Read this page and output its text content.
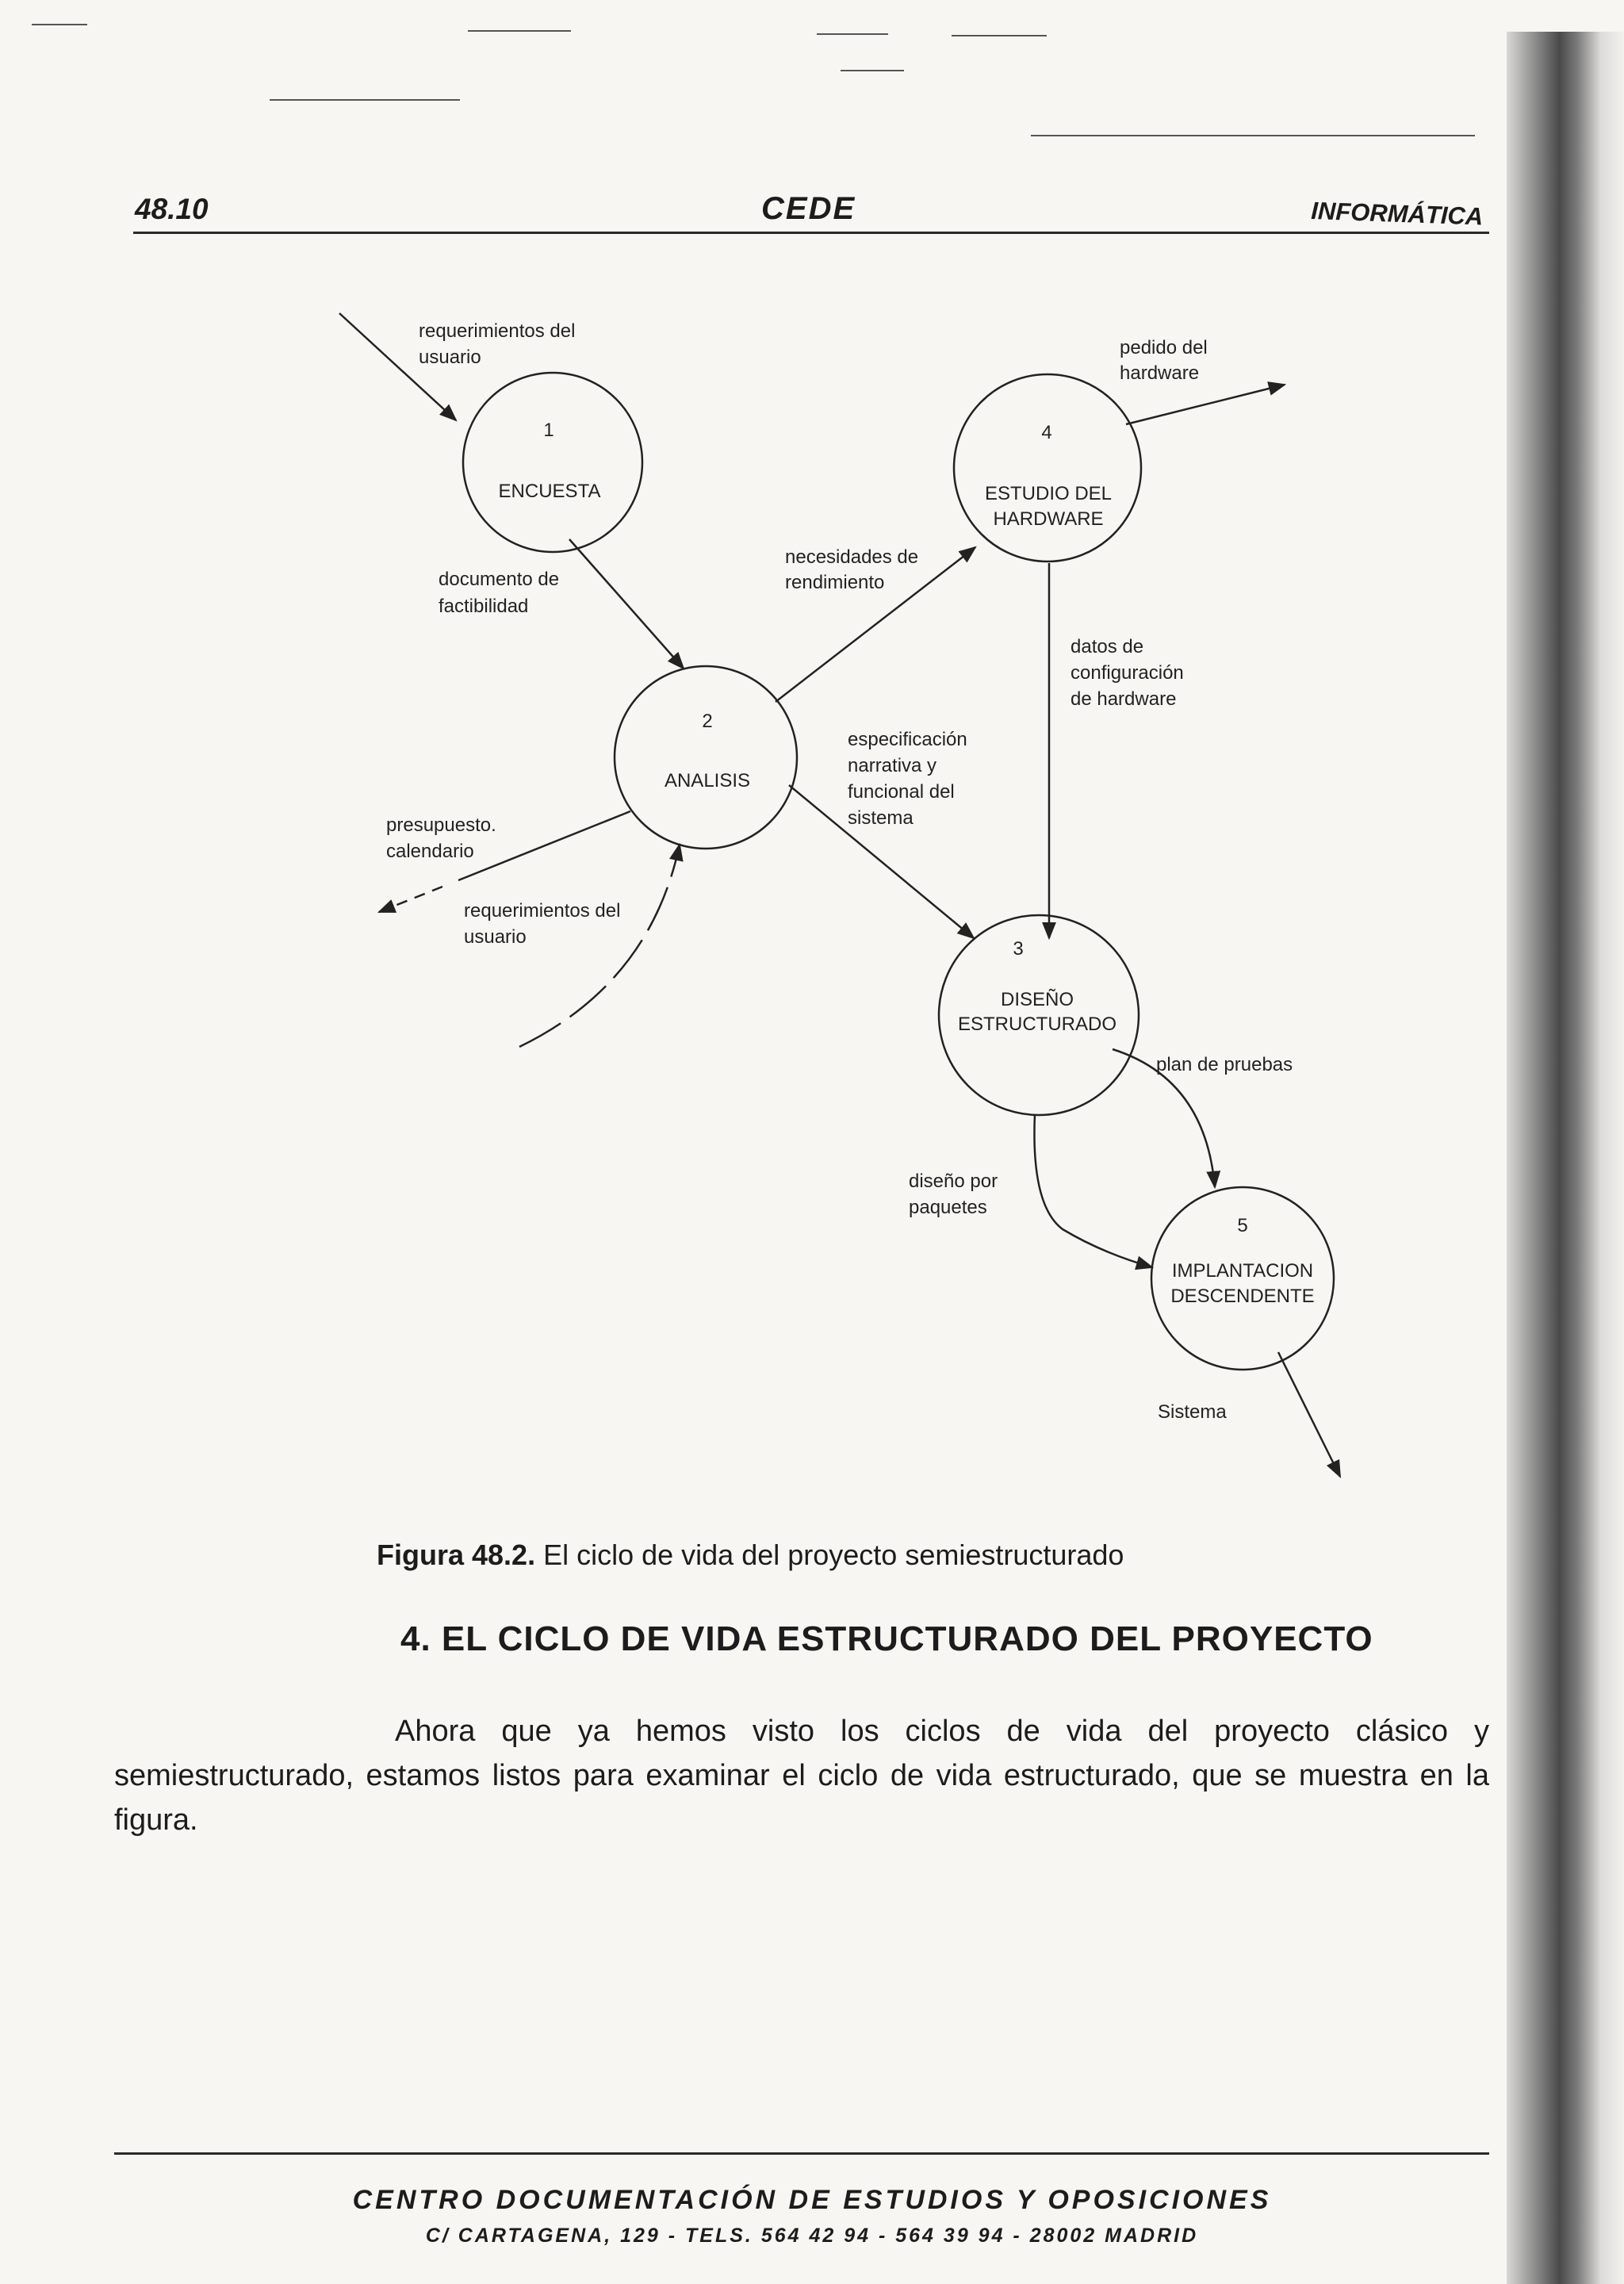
48.10	CEDE	INFORMÁTICA
1
ENCUESTA
2
ANALISIS
3
DISEÑO
ESTRUCTURADO
4
ESTUDIO DEL
HARDWARE
5
IMPLANTACION
DESCENDENTE
requerimientos del
usuario
documento de
factibilidad
necesidades de
rendimiento
pedido del
hardware
datos de
configuración
de hardware
especificación
narrativa y
funcional del
sistema
presupuesto.
calendario
requerimientos del
usuario
plan de pruebas
diseño por
paquetes
Sistema
Figura 48.2. El ciclo de vida del proyecto semiestructurado
4. EL CICLO DE VIDA ESTRUCTURADO DEL PROYECTO
Ahora que ya hemos visto los ciclos de vida del proyecto clásico y semiestructurado, estamos listos para examinar el ciclo de vida estructurado, que se muestra en la figura.
CENTRO DOCUMENTACIÓN DE ESTUDIOS Y OPOSICIONES
C/ CARTAGENA, 129 - TELS. 564 42 94 - 564 39 94 - 28002 MADRID
